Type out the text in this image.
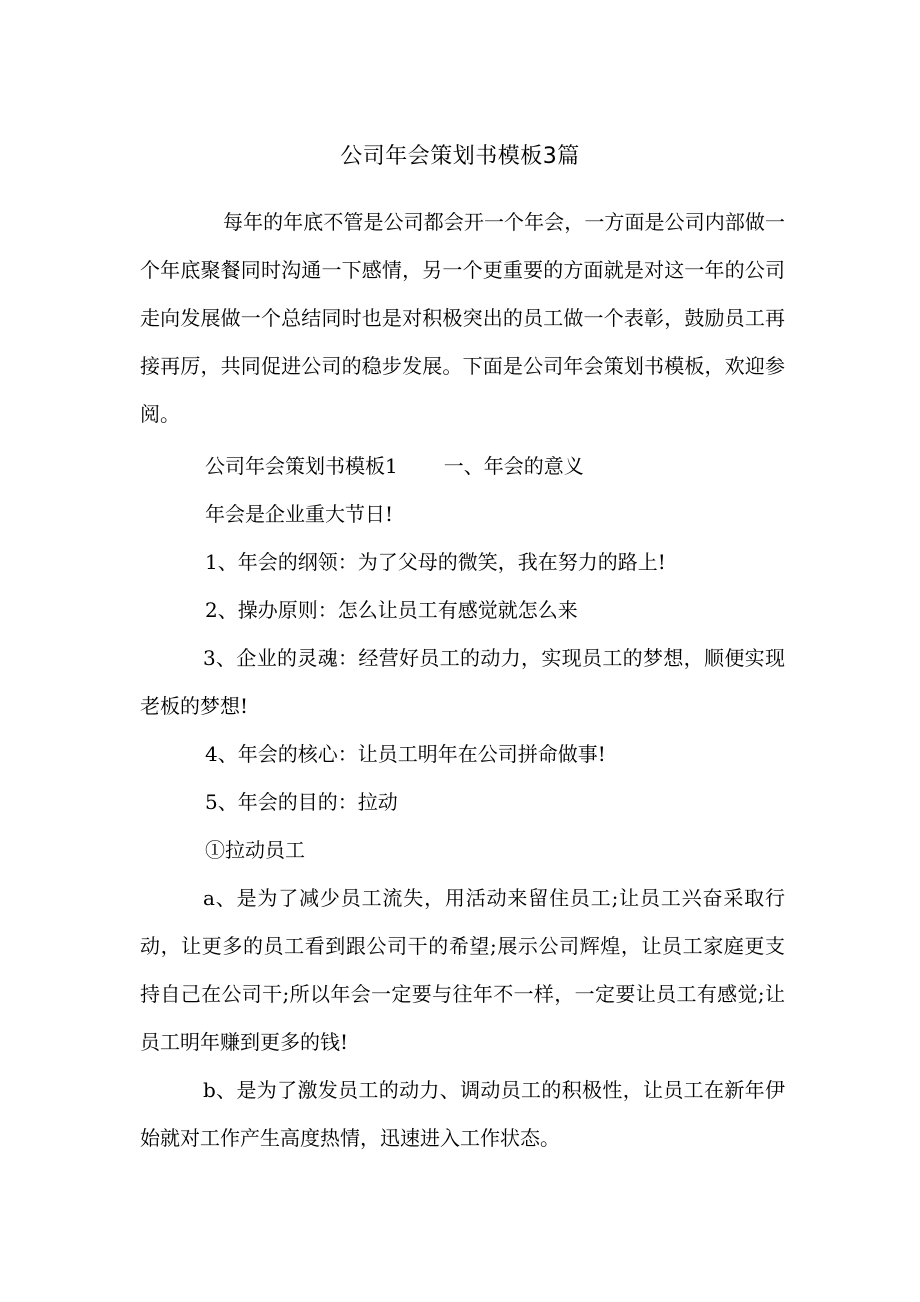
公司年会策划书模板3篇
每年的年底不管是公司都会开一个年会，一方面是公司内部做一个年底聚餐同时沟通一下感情，另一个更重要的方面就是对这一年的公司走向发展做一个总结同时也是对积极突出的员工做一个表彰，鼓励员工再接再厉，共同促进公司的稳步发展。下面是公司年会策划书模板，欢迎参阅。
公司年会策划书模板1 一、年会的意义
年会是企业重大节日!
1、年会的纲领：为了父母的微笑，我在努力的路上!
2、操办原则：怎么让员工有感觉就怎么来
3、企业的灵魂：经营好员工的动力，实现员工的梦想，顺便实现老板的梦想!
4、年会的核心：让员工明年在公司拼命做事!
5、年会的目的：拉动
①拉动员工
a、是为了减少员工流失，用活动来留住员工;让员工兴奋采取行动，让更多的员工看到跟公司干的希望;展示公司辉煌，让员工家庭更支持自己在公司干;所以年会一定要与往年不一样，一定要让员工有感觉;让员工明年赚到更多的钱!
b、是为了激发员工的动力、调动员工的积极性，让员工在新年伊始就对工作产生高度热情，迅速进入工作状态。
